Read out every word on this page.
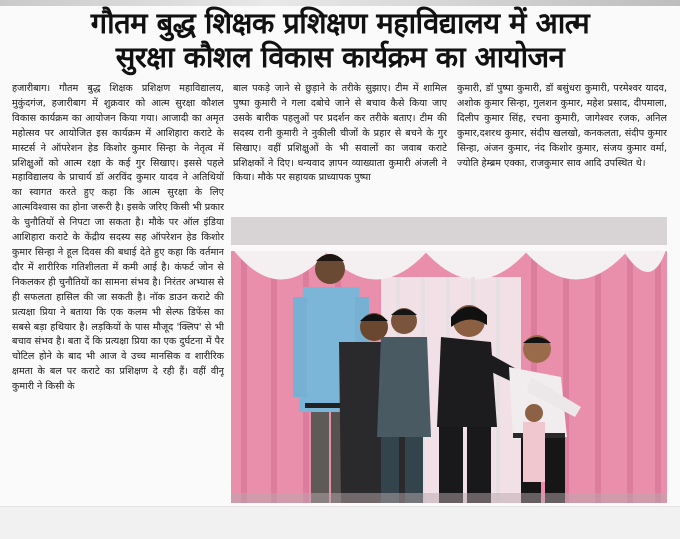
गौतम बुद्ध शिक्षक प्रशिक्षण महाविद्यालय में आत्म
सुरक्षा कौशल विकास कार्यक्रम का आयोजन

हजारीबाग। गौतम बुद्ध शिक्षक प्रशिक्षण महाविद्यालय, मुकुंदगंज, हजारीबाग में शुक्रवार को आत्म सुरक्षा कौशल विकास कार्यक्रम का आयोजन किया गया। आजादी का अमृत महोत्सव पर आयोजित इस कार्यक्रम में आशिहारा कराटे के मास्टर्स ने ऑपरेशन हेड किशोर कुमार सिन्हा के नेतृत्व में प्रशिक्षुओं को आत्म रक्षा के कई गुर सिखाए। इससे पहले महाविद्यालय के प्राचार्य डॉ अरविंद कुमार यादव ने अतिथियों का स्वागत करते हुए कहा कि आत्म सुरक्षा के लिए आत्मविश्वास का होना जरूरी है। इसके जरिए किसी भी प्रकार के चुनौतियों से निपटा जा सकता है। मौके पर ऑल इंडिया आशिहारा कराटे के केंद्रीय सदस्य सह ऑपरेशन हेड किशोर कुमार सिन्हा ने हूल दिवस की बधाई देते हुए कहा कि वर्तमान दौर में शारीरिक गतिशीलता में कमी आई है। कंफर्ट जोन से निकलकर ही चुनौतियों का सामना संभव है। निरंतर अभ्यास से ही सफलता हासिल की जा सकती है। नॉक डाउन कराटे की प्रत्यक्षा प्रिया ने बताया कि एक कलम भी सेल्फ डिफेंस का सबसे बड़ा हथियार है। लड़कियों के पास मौजूद 'क्लिप' से भी बचाव संभव है। बता दें कि प्रत्यक्षा प्रिया का एक दुर्घटना में पैर चोटिल होने के बाद भी आज वे उच्च मानसिक व शारीरिक क्षमता के बल पर कराटे का प्रशिक्षण दे रही हैं। वहीं वीनू कुमारी ने किसी के

बाल पकड़े जाने से छुड़ाने के तरीके सुझाए। टीम में शामिल पुष्पा कुमारी ने गला दबोचे जाने से बचाव कैसे किया जाए उसके बारीक पहलुओं पर प्रदर्शन कर तरीके बताए। टीम की सदस्य रानी कुमारी ने नुकीली चीजों के प्रहार से बचने के गुर सिखाए। वहीं प्रशिक्षुओं के भी सवालों का जवाब कराटे प्रशिक्षकों ने दिए। धन्यवाद ज्ञापन व्याख्याता कुमारी अंजली ने किया। मौके पर सहायक प्राध्यापक पुष्पा

कुमारी, डॉ पुष्पा कुमारी, डॉ बसुंधरा कुमारी, परमेश्वर यादव, अशोक कुमार सिन्हा, गुलशन कुमार, महेश प्रसाद, दीपमाला, दिलीप कुमार सिंह, रचना कुमारी, जागेश्वर रजक, अनिल कुमार,दशरथ कुमार, संदीप खलखो, कनकलता, संदीप कुमार सिन्हा, अंजन कुमार, नंद किशोर कुमार, संजय कुमार वर्मा, ज्योति हेम्ब्रम एक्का, राजकुमार साव आदि उपस्थित थे।
